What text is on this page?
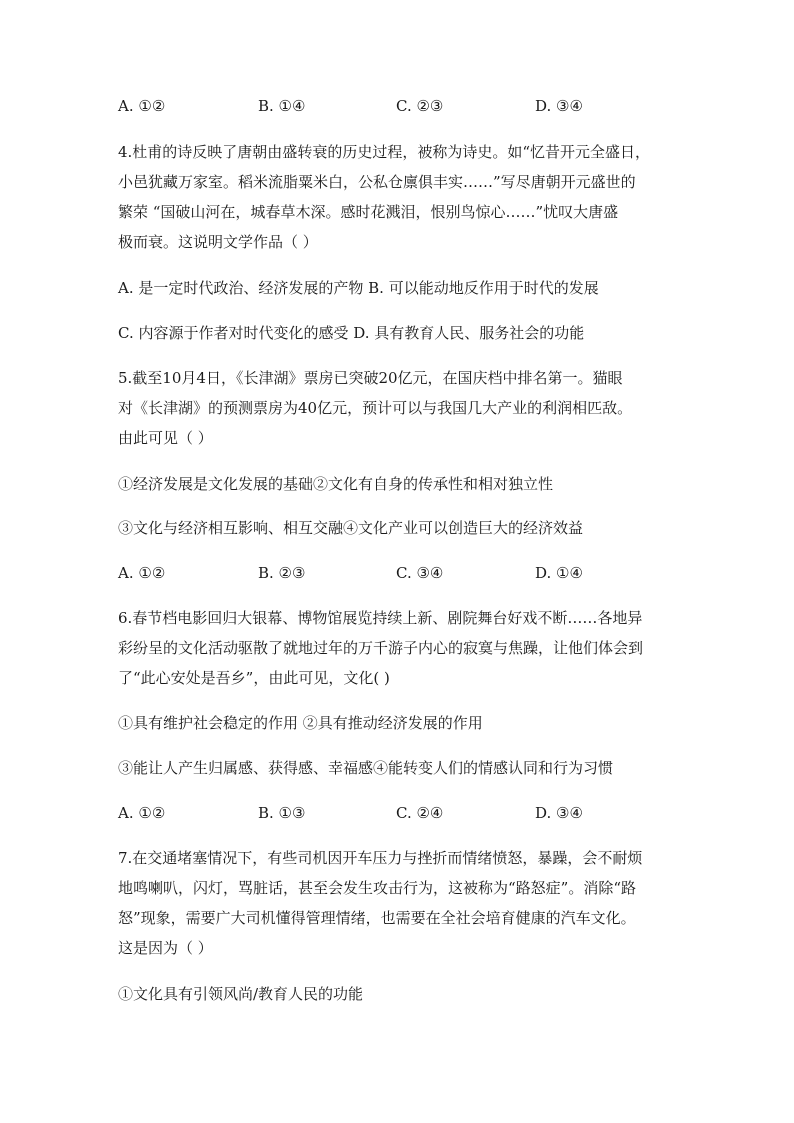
A. ①②	B. ①④	C. ②③	D. ③④
4.杜甫的诗反映了唐朝由盛转衰的历史过程，被称为诗史。如“忆昔开元全盛日，
小邑犹藏万家室。稻米流脂粟米白，公私仓廪俱丰实……”写尽唐朝开元盛世的
繁荣 “国破山河在，城春草木深。感时花溅泪，恨别鸟惊心……”忧叹大唐盛
极而衰。这说明文学作品（ ）
A. 是一定时代政治、经济发展的产物 B. 可以能动地反作用于时代的发展
C. 内容源于作者对时代变化的感受 D. 具有教育人民、服务社会的功能
5.截至10月4日，《长津湖》票房已突破20亿元，在国庆档中排名第一。猫眼
对《长津湖》的预测票房为40亿元，预计可以与我国几大产业的利润相匹敌。
由此可见（ ）
①经济发展是文化发展的基础②文化有自身的传承性和相对独立性
③文化与经济相互影响、相互交融④文化产业可以创造巨大的经济效益
A. ①②	B. ②③	C. ③④	D. ①④
6.春节档电影回归大银幕、博物馆展览持续上新、剧院舞台好戏不断……各地异
彩纷呈的文化活动驱散了就地过年的万千游子内心的寂寞与焦躁，让他们体会到
了“此心安处是吾乡”，由此可见，文化( )
①具有维护社会稳定的作用 ②具有推动经济发展的作用
③能让人产生归属感、获得感、幸福感④能转变人们的情感认同和行为习惯
A. ①②	B. ①③	C. ②④	D. ③④
7.在交通堵塞情况下，有些司机因开车压力与挫折而情绪愤怒，暴躁，会不耐烦
地鸣喇叭，闪灯，骂脏话，甚至会发生攻击行为，这被称为“路怒症”。消除“路
怒”现象，需要广大司机懂得管理情绪，也需要在全社会培育健康的汽车文化。
这是因为（ ）
①文化具有引领风尚/教育人民的功能
